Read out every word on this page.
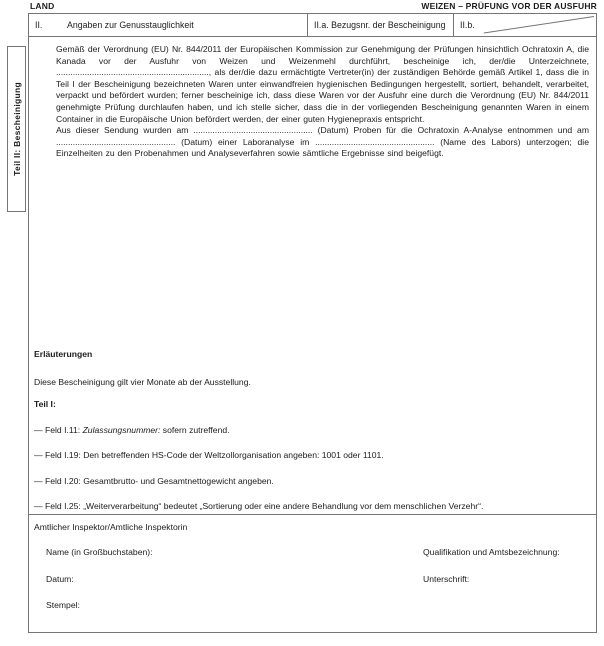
LAND	WEIZEN – PRÜFUNG VOR DER AUSFUHR
II.	Angaben zur Genusstauglichkeit	II.a. Bezugsnr. der Bescheinigung	II.b.
Gemäß der Verordnung (EU) Nr. 844/2011 der Europäischen Kommission zur Genehmigung der Prüfungen hinsichtlich Ochratoxin A, die Kanada vor der Ausfuhr von Weizen und Weizenmehl durchführt, bescheinige ich, der/die Unterzeichnete, ................................................................, als der/die dazu ermächtigte Vertreter(in) der zuständigen Behörde gemäß Artikel 1, dass die in Teil I der Bescheinigung bezeichneten Waren unter einwandfreien hygienischen Bedingungen hergestellt, sortiert, behandelt, verarbeitet, verpackt und befördert wurden; ferner bescheinige ich, dass diese Waren vor der Ausfuhr eine durch die Verordnung (EU) Nr. 844/2011 genehmigte Prüfung durchlaufen haben, und ich stelle sicher, dass die in der vorliegenden Bescheinigung genannten Waren in einem Container in die Europäische Union befördert werden, der einer guten Hygienepraxis entspricht.
Aus dieser Sendung wurden am .................................................. (Datum) Proben für die Ochratoxin A-Analyse entnommen und am .................................................. (Datum) einer Laboranalyse im .................................................. (Name des Labors) unterzogen; die Einzelheiten zu den Probenahmen und Analyseverfahren sowie sämtliche Ergebnisse sind beigefügt.
Erläuterungen
Diese Bescheinigung gilt vier Monate ab der Ausstellung.
Teil I:
— Feld I.11: Zulassungsnummer: sofern zutreffend.
— Feld I.19: Den betreffenden HS-Code der Weltzollorganisation angeben: 1001 oder 1101.
— Feld I.20: Gesamtbrutto- und Gesamtnettogewicht angeben.
— Feld I.25: „Weiterverarbeitung“ bedeutet „Sortierung oder eine andere Behandlung vor dem menschlichen Verzehr“.
Amtlicher Inspektor/Amtliche Inspektorin
Name (in Großbuchstaben):	Qualifikation und Amtsbezeichnung:
Datum:	Unterschrift:
Stempel:
Teil II: Bescheinigung
